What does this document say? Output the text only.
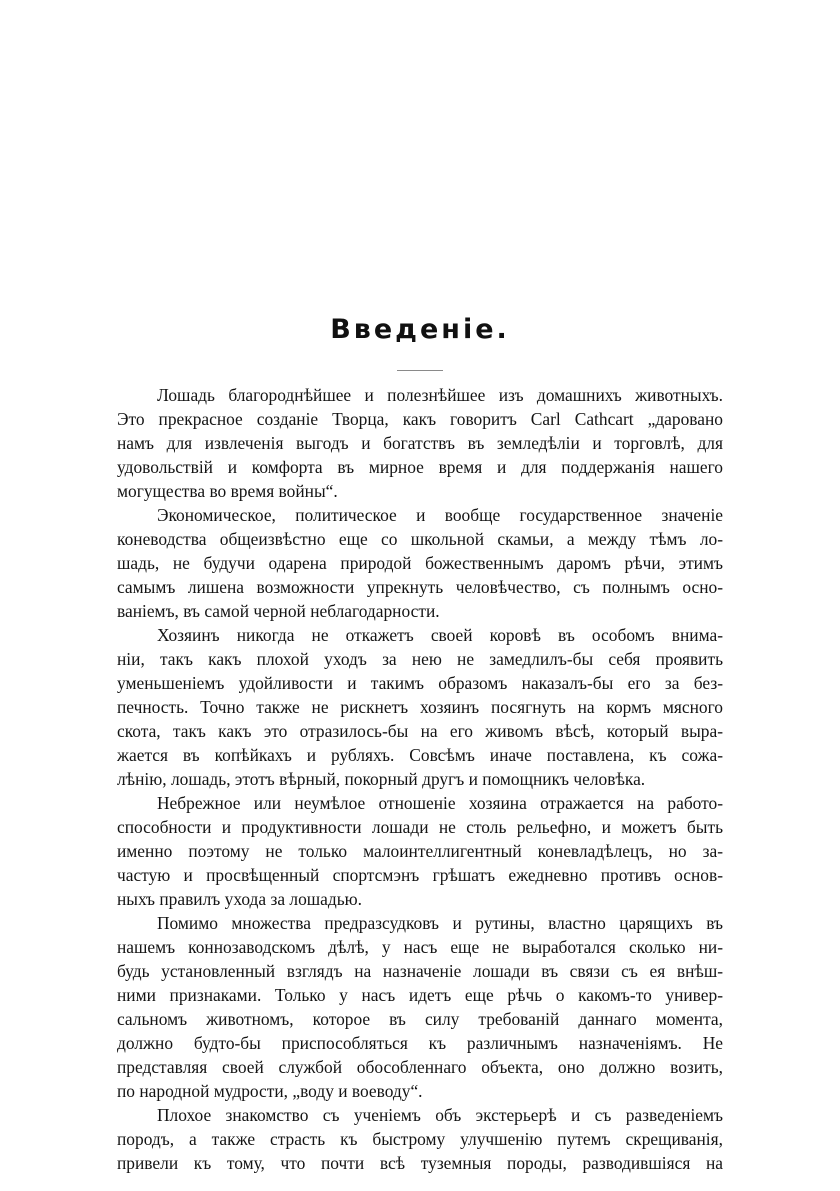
Введенiе.
Лошадь благороднѣйшее и полезнѣйшее изъ домашнихъ животныхъ.
Это прекрасное созданiе Творца, какъ говоритъ Carl Cathcart „даровано
намъ для извлеченiя выгодъ и богатствъ въ земледѣлiи и торговлѣ, для
удовольствiй и комфорта въ мирное время и для поддержанiя нашего
могущества во время войны“.
Экономическое, политическое и вообще государственное значенiе
коневодства общеизвѣстно еще со школьной скамьи, а между тѣмъ ло-
шадь, не будучи одарена природой божественнымъ даромъ рѣчи, этимъ
самымъ лишена возможности упрекнуть человѣчество, съ полнымъ осно-
ванiемъ, въ самой черной неблагодарности.
Хозяинъ никогда не откажетъ своей коровѣ въ особомъ внима-
нiи, такъ какъ плохой уходъ за нею не замедлилъ-бы себя проявить
уменьшенiемъ удойливости и такимъ образомъ наказалъ-бы его за без-
печность. Точно также не рискнетъ хозяинъ посягнуть на кормъ мясного
скота, такъ какъ это отразилось-бы на его живомъ вѣсѣ, который выра-
жается въ копѣйкахъ и рубляхъ. Совсѣмъ иначе поставлена, къ сожа-
лѣнiю, лошадь, этотъ вѣрный, покорный другъ и помощникъ человѣка.
Небрежное или неумѣлое отношенiе хозяина отражается на работо-
способности и продуктивности лошади не столь рельефно, и можетъ быть
именно поэтому не только малоинтеллигентный коневладѣлецъ, но за-
частую и просвѣщенный спортсмэнъ грѣшатъ ежедневно противъ основ-
ныхъ правилъ ухода за лошадью.
Помимо множества предразсудковъ и рутины, властно царящихъ въ
нашемъ коннозаводскомъ дѣлѣ, у насъ еще не выработался сколько ни-
будь установленный взглядъ на назначенiе лошади въ связи съ ея внѣш-
ними признаками. Только у насъ идетъ еще рѣчь о какомъ-то универ-
сальномъ животномъ, которое въ силу требованiй даннаго момента,
должно будто-бы приспособляться къ различнымъ назначенiямъ. Не
представляя своей службой обособленнаго объекта, оно должно возить,
по народной мудрости, „воду и воеводу“.
Плохое знакомство съ ученiемъ объ экстерьерѣ и съ разведенiемъ
породъ, а также страсть къ быстрому улучшенiю путемъ скрещиванiя,
привели къ тому, что почти всѣ туземныя породы, разводившiяся на
